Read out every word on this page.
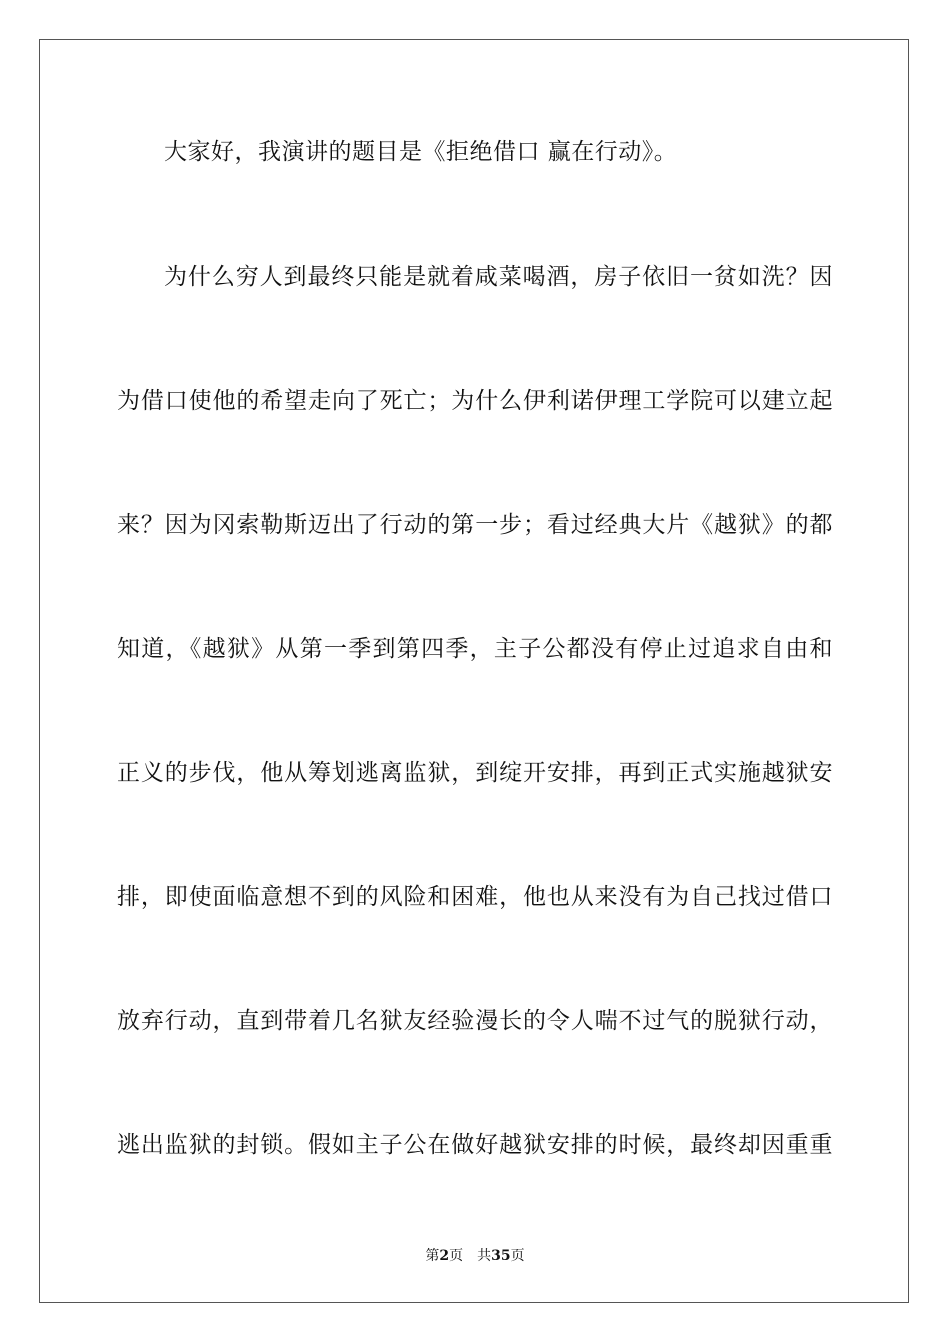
大家好，我演讲的题目是《拒绝借口 赢在行动》。
为什么穷人到最终只能是就着咸菜喝酒，房子依旧一贫如洗？因
为借口使他的希望走向了死亡；为什么伊利诺伊理工学院可以建立起
来？因为冈索勒斯迈出了行动的第一步；看过经典大片《越狱》的都
知道，《越狱》从第一季到第四季，主子公都没有停止过追求自由和
正义的步伐，他从筹划逃离监狱，到绽开安排，再到正式实施越狱安
排，即使面临意想不到的风险和困难，他也从来没有为自己找过借口
放弃行动，直到带着几名狱友经验漫长的令人喘不过气的脱狱行动，
逃出监狱的封锁。假如主子公在做好越狱安排的时候，最终却因重重
第2页 共35页
